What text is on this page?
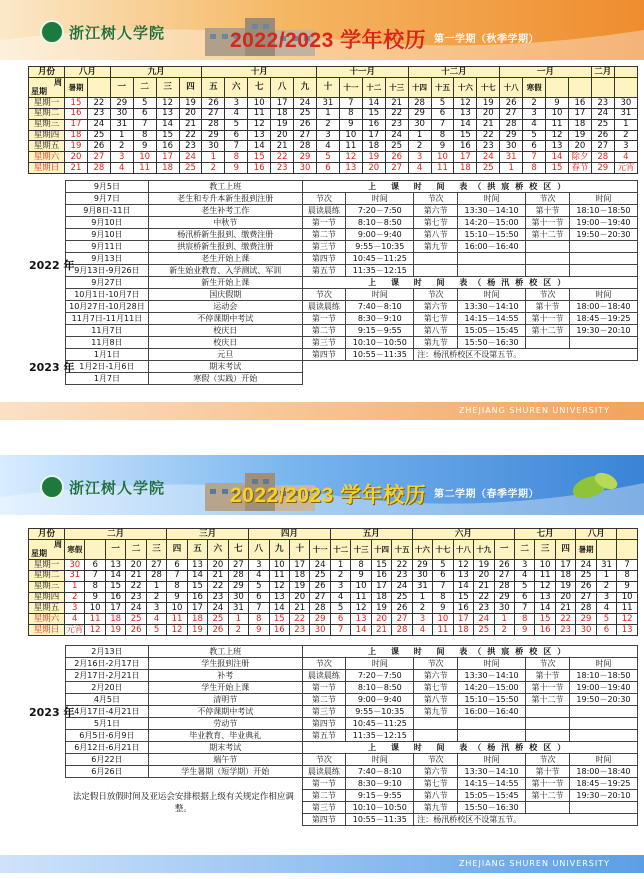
浙江树人学院	2022/2023 学年校历 第一学期（秋季学期）
月份	八月		九月				十月					十一月				十二月				一月				二月	

周
星期	暑期		一	二	三	四	五	六	七	八	九	十	十一	十二	十三	十四	十五	十六	十七	十八	寒假				
星期一	15	22	29	5	12	19	26	3	10	17	24	31	7	14	21	28	5	12	19	26	2	9	16	23	30
星期二	16	23	30	6	13	20	27	4	11	18	25	1	8	15	22	29	6	13	20	27	3	10	17	24	31
星期三	17	24	31	7	14	21	28	5	12	19	26	2	9	16	23	30	7	14	21	28	4	11	18	25	1
星期四	18	25	1	8	15	22	29	6	13	20	27	3	10	17	24	1	8	15	22	29	5	12	19	26	2
星期五	19	26	2	9	16	23	30	7	14	21	28	4	11	18	25	2	9	16	23	30	6	13	20	27	3
星期六	20	27	3	10	17	24	1	8	15	22	29	5	12	19	26	3	10	17	24	31	7	14	除夕	28	4
星期日	21	28	4	11	18	25	2	9	16	23	30	6	13	20	27	4	11	18	25	1	8	15	春节	29	元宵
2022 年	9月5日	教工上班	上 课 时 间 表（拱宸桥校区）					
	9月7日	老生和专升本新生报到注册	节次	时间	节次	时间	节次	时间
	9月8日-11日	老生补考工作	晨读晨练	7:20－7:50	第六节	13:30－14:10	第十节	18:10－18:50
	9月10日	中秋节	第一节	8:10－8:50	第七节	14:20－15:00	第十一节	19:00－19:40
	9月10日	杨汛桥新生报到、缴费注册	第二节	9:00－9:40	第八节	15:10－15:50	第十二节	19:50－20:30
	9月11日	拱宸桥新生报到、缴费注册	第三节	9:55－10:35	第九节	16:00－16:40		
	9月13日	老生开始上课	第四节	10:45－11:25				
	9月13日-9月26日	新生始业教育、入学测试、军训	第五节	11:35－12:15				
	9月27日	新生开始上课	上 课 时 间 表（杨汛桥校区）					
	10月1日-10月7日	国庆假期	节次	时间	节次	时间	节次	时间
	10月27日-10月28日	运动会	晨读晨练	7:40－8:10	第六节	13:30－14:10	第十节	18:00－18:40
	11月7日-11月11日	不停课期中考试	第一节	8:30－9:10	第七节	14:15－14:55	第十一节	18:45－19:25
	11月7日	校庆日	第二节	9:15－9:55	第八节	15:05－15:45	第十二节	19:30－20:10
	11月8日	校庆日	第三节	10:10－10:50	第九节	15:50－16:30		
2023 年	1月1日	元旦	第四节	10:55－11:35	注：杨汛桥校区不设第五节。			
	1月2日-1月6日	期末考试						
	1月7日	寒假（实践）开始						
ZHEJIANG SHUREN UNIVERSITY
浙江树人学院	2022/2023 学年校历 第二学期（春季学期）
月份	二月					三月				四月				五月				六月					七月			八月		

周
星期	寒假		一	二	三	四	五	六	七	八	九	十	十一	十二	十三	十四	十五	十六	十七	十八	十九	一	二	三	四	暑期		
星期一	30	6	13	20	27	6	13	20	27	3	10	17	24	1	8	15	22	29	5	12	19	26	3	10	17	24	31	7
星期二	31	7	14	21	28	7	14	21	28	4	11	18	25	2	9	16	23	30	6	13	20	27	4	11	18	25	1	8
星期三	1	8	15	22	1	8	15	22	29	5	12	19	26	3	10	17	24	31	7	14	21	28	5	12	19	26	2	9
星期四	2	9	16	23	2	9	16	23	30	6	13	20	27	4	11	18	25	1	8	15	22	29	6	13	20	27	3	10
星期五	3	10	17	24	3	10	17	24	31	7	14	21	28	5	12	19	26	2	9	16	23	30	7	14	21	28	4	11
星期六	4	11	18	25	4	11	18	25	1	8	15	22	29	6	13	20	27	3	10	17	24	1	8	15	22	29	5	12
星期日	元宵	12	19	26	5	12	19	26	2	9	16	23	30	7	14	21	28	4	11	18	25	2	9	16	23	30	6	13
2023 年	2月13日	教工上班	上 课 时 间 表（拱宸桥校区）					
	2月16日-2月17日	学生报到注册	节次	时间	节次	时间	节次	时间
	2月17日-2月21日	补考	晨读晨练	7:20－7:50	第六节	13:30－14:10	第十节	18:10－18:50
	2月20日	学生开始上课	第一节	8:10－8:50	第七节	14:20－15:00	第十一节	19:00－19:40
	4月5日	清明节	第二节	9:00－9:40	第八节	15:10－15:50	第十二节	19:50－20:30
	4月17日-4月21日	不停课期中考试	第三节	9:55－10:35	第九节	16:00－16:40		
	5月1日	劳动节	第四节	10:45－11:25				
	6月5日-6月9日	毕业教育、毕业典礼	第五节	11:35－12:15				
	6月12日-6月21日	期末考试	上 课 时 间 表（杨汛桥校区）					
	6月22日	端午节	节次	时间	节次	时间	节次	时间
	6月26日	学生暑期（短学期）开始	晨读晨练	7:40－8:10	第六节	13:30－14:10	第十节	18:00－18:40
	法定假日放假时间及亚运会安排根据上级有关规定作相应调整。		第一节	8:30－9:10	第七节	14:15－14:55	第十一节	18:45－19:25
			第二节	9:15－9:55	第八节	15:05－15:45	第十二节	19:30－20:10
			第三节	10:10－10:50	第九节	15:50－16:30		
			第四节	10:55－11:35	注：杨汛桥校区不设第五节。			
ZHEJIANG SHUREN UNIVERSITY
